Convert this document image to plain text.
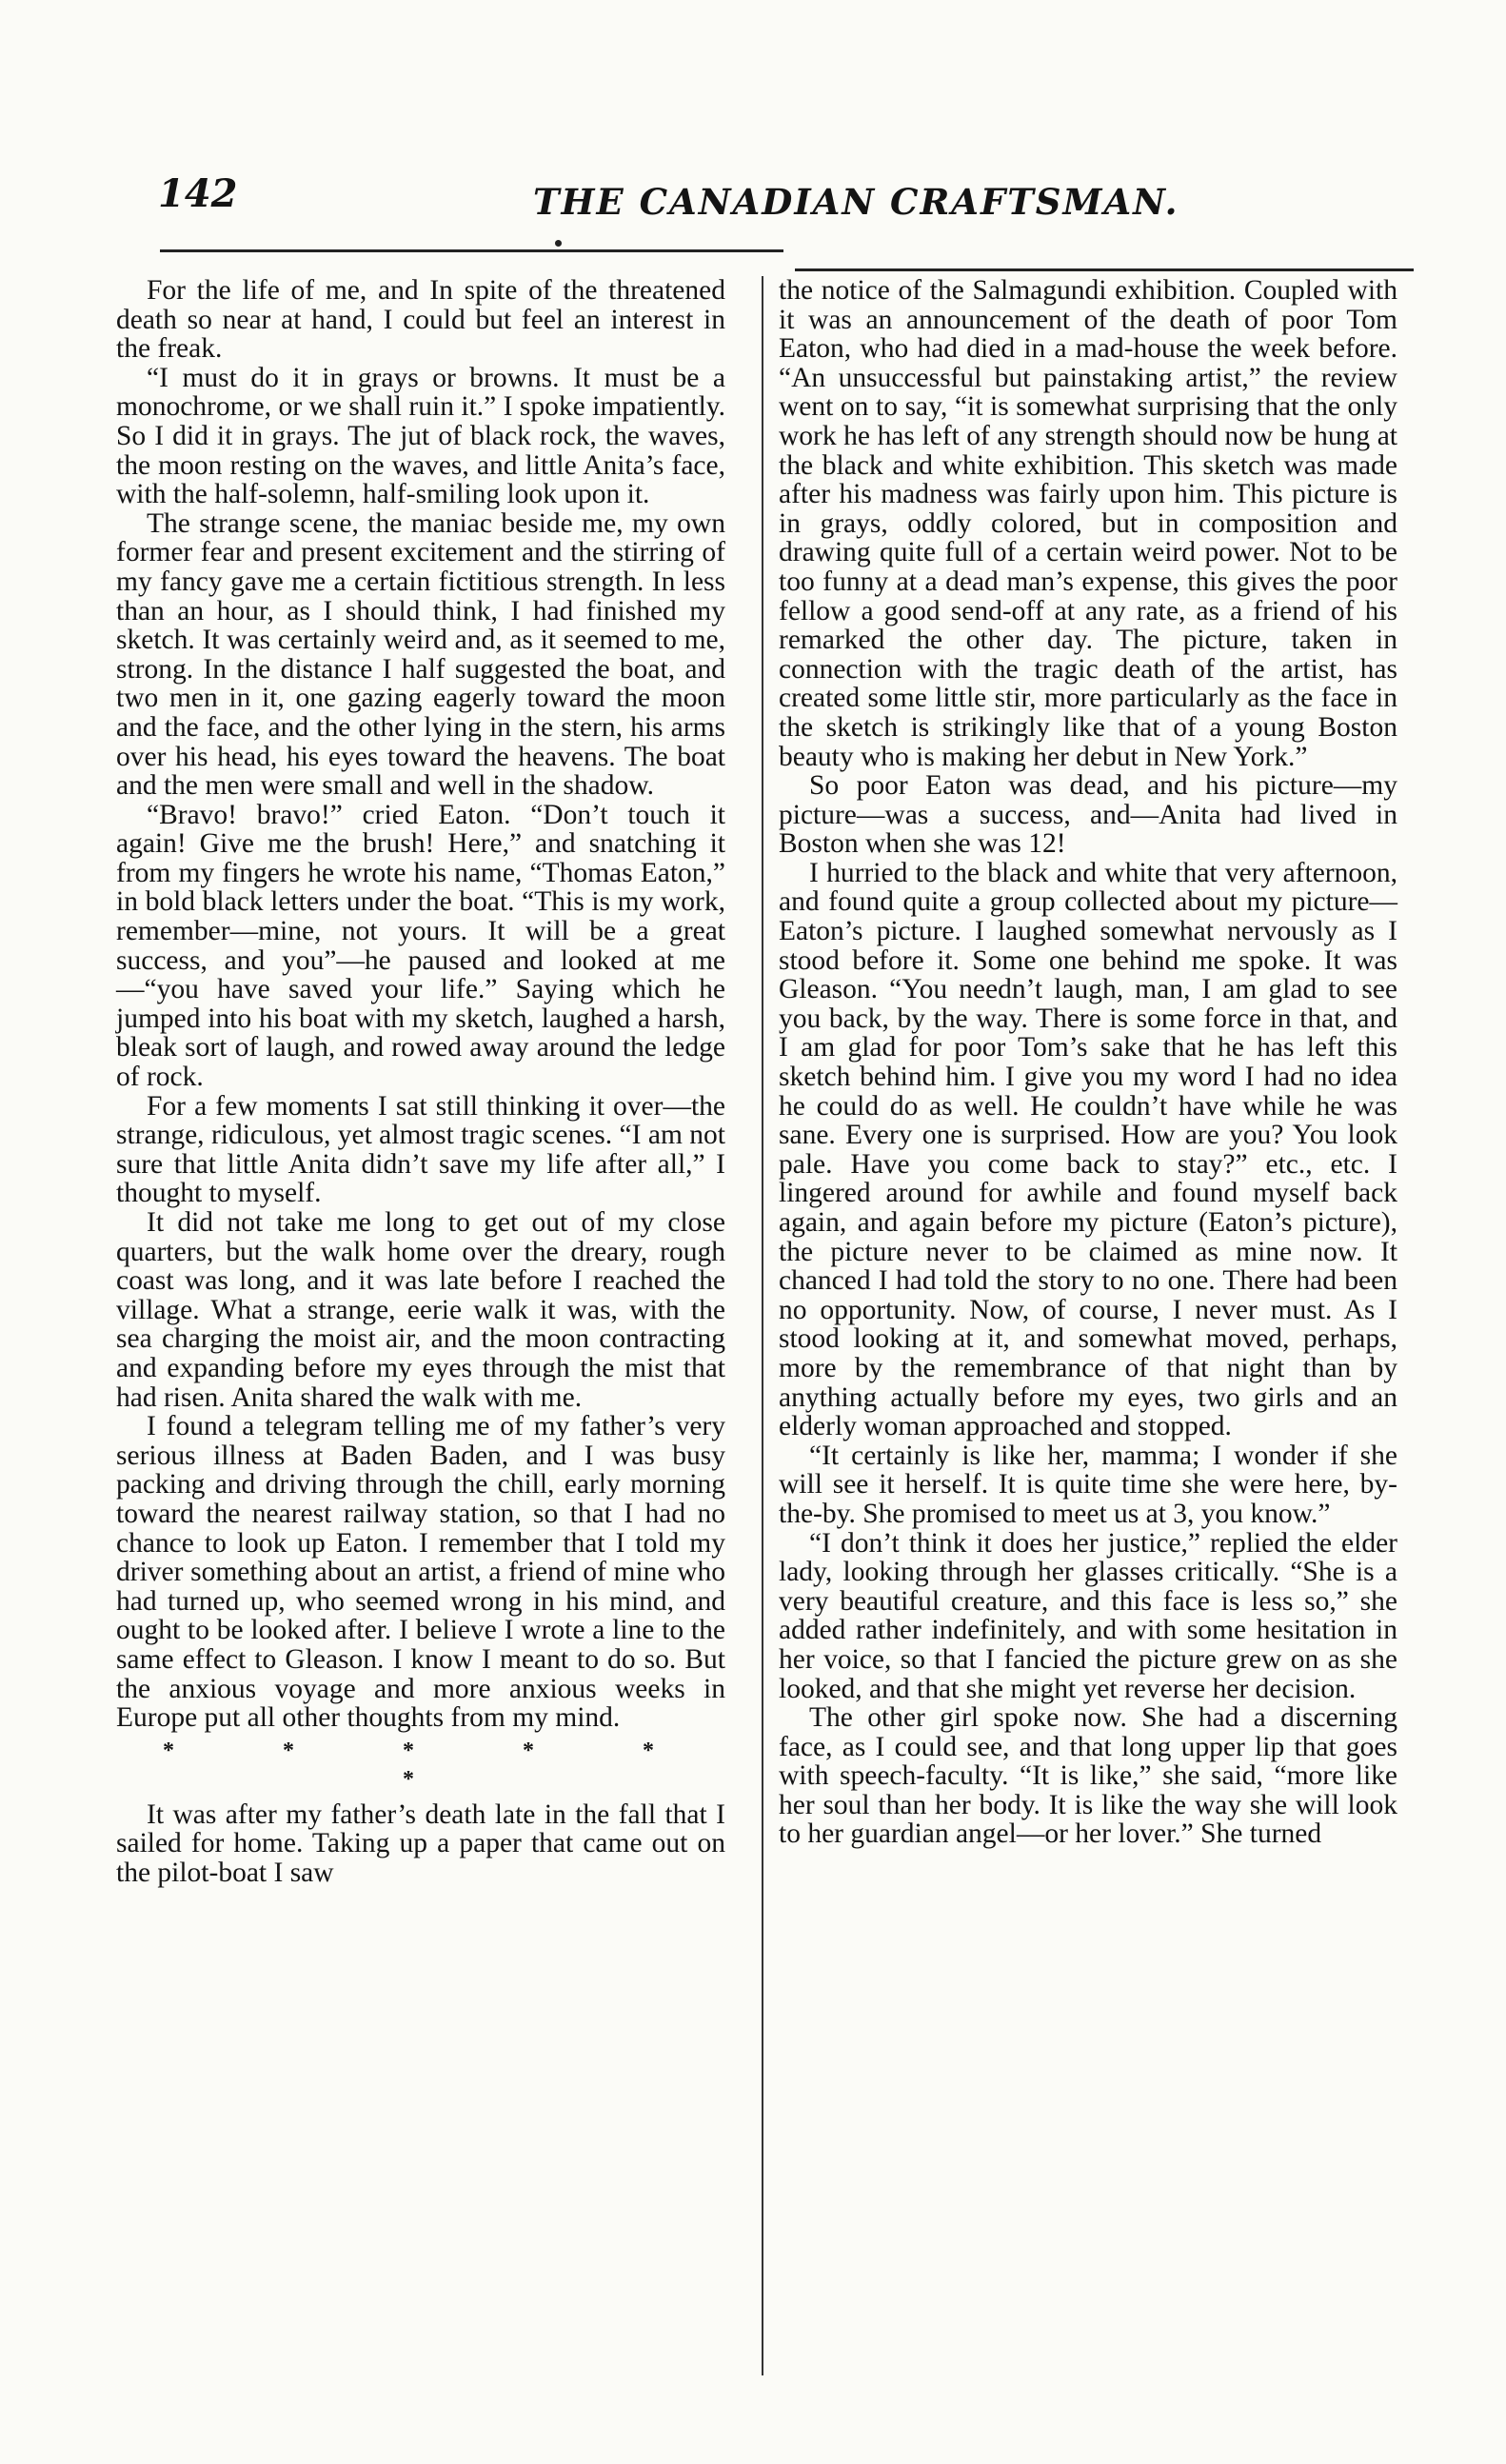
142	THE CANADIAN CRAFTSMAN.

For the life of me, and In spite of the threatened death so near at hand, I could but feel an interest in the freak.

“I must do it in grays or browns. It must be a monochrome, or we shall ruin it.” I spoke impatiently. So I did it in grays. The jut of black rock, the waves, the moon resting on the waves, and little Anita’s face, with the half-solemn, half-smiling look upon it.

The strange scene, the maniac beside me, my own former fear and present excitement and the stirring of my fancy gave me a certain fictitious strength. In less than an hour, as I should think, I had finished my sketch. It was certainly weird and, as it seemed to me, strong. In the distance I half suggested the boat, and two men in it, one gazing eagerly toward the moon and the face, and the other lying in the stern, his arms over his head, his eyes toward the heavens. The boat and the men were small and well in the shadow.

“Bravo! bravo!” cried Eaton. “Don’t touch it again! Give me the brush! Here,” and snatching it from my fingers he wrote his name, “Thomas Eaton,” in bold black letters under the boat. “This is my work, remember—mine, not yours. It will be a great success, and you”—he paused and looked at me—“you have saved your life.” Saying which he jumped into his boat with my sketch, laughed a harsh, bleak sort of laugh, and rowed away around the ledge of rock.

For a few moments I sat still thinking it over—the strange, ridiculous, yet almost tragic scenes. “I am not sure that little Anita didn’t save my life after all,” I thought to myself.

It did not take me long to get out of my close quarters, but the walk home over the dreary, rough coast was long, and it was late before I reached the village. What a strange, eerie walk it was, with the sea charging the moist air, and the moon contracting and expanding before my eyes through the mist that had risen. Anita shared the walk with me.

I found a telegram telling me of my father’s very serious illness at Baden Baden, and I was busy packing and driving through the chill, early morning toward the nearest railway station, so that I had no chance to look up Eaton. I remember that I told my driver something about an artist, a friend of mine who had turned up, who seemed wrong in his mind, and ought to be looked after. I believe I wrote a line to the same effect to Gleason. I know I meant to do so. But the anxious voyage and more anxious weeks in Europe put all other thoughts from my mind.

* * * * * *

It was after my father’s death late in the fall that I sailed for home. Taking up a paper that came out on the pilot-boat I saw

the notice of the Salmagundi exhibition. Coupled with it was an announcement of the death of poor Tom Eaton, who had died in a mad-house the week before. “An unsuccessful but painstaking artist,” the review went on to say, “it is somewhat surprising that the only work he has left of any strength should now be hung at the black and white exhibition. This sketch was made after his madness was fairly upon him. This picture is in grays, oddly colored, but in composition and drawing quite full of a certain weird power. Not to be too funny at a dead man’s expense, this gives the poor fellow a good send-off at any rate, as a friend of his remarked the other day. The picture, taken in connection with the tragic death of the artist, has created some little stir, more particularly as the face in the sketch is strikingly like that of a young Boston beauty who is making her debut in New York.”

So poor Eaton was dead, and his picture—my picture—was a success, and—Anita had lived in Boston when she was 12!

I hurried to the black and white that very afternoon, and found quite a group collected about my picture—Eaton’s picture. I laughed somewhat nervously as I stood before it. Some one behind me spoke. It was Gleason. “You needn’t laugh, man, I am glad to see you back, by the way. There is some force in that, and I am glad for poor Tom’s sake that he has left this sketch behind him. I give you my word I had no idea he could do as well. He couldn’t have while he was sane. Every one is surprised. How are you? You look pale. Have you come back to stay?” etc., etc. I lingered around for awhile and found myself back again, and again before my picture (Eaton’s picture), the picture never to be claimed as mine now. It chanced I had told the story to no one. There had been no opportunity. Now, of course, I never must. As I stood looking at it, and somewhat moved, perhaps, more by the remembrance of that night than by anything actually before my eyes, two girls and an elderly woman approached and stopped.

“It certainly is like her, mamma; I wonder if she will see it herself. It is quite time she were here, by-the-by. She promised to meet us at 3, you know.”

“I don’t think it does her justice,” replied the elder lady, looking through her glasses critically. “She is a very beautiful creature, and this face is less so,” she added rather indefinitely, and with some hesitation in her voice, so that I fancied the picture grew on as she looked, and that she might yet reverse her decision.

The other girl spoke now. She had a discerning face, as I could see, and that long upper lip that goes with speech-faculty. “It is like,” she said, “more like her soul than her body. It is like the way she will look to her guardian angel—or her lover.” She turned
